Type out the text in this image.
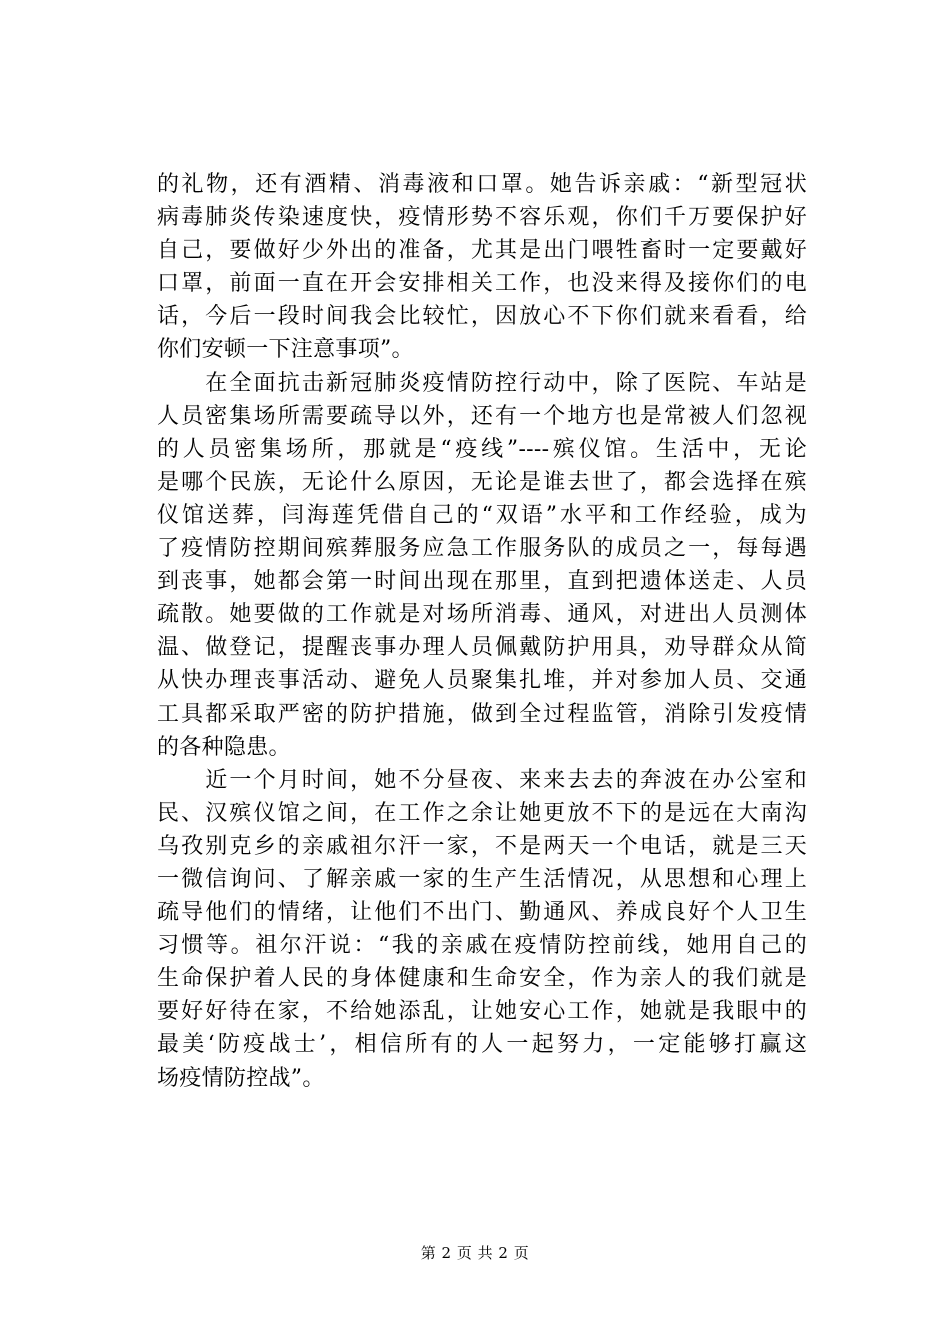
的礼物，还有酒精、消毒液和口罩。她告诉亲戚：“新型冠状
病毒肺炎传染速度快，疫情形势不容乐观，你们千万要保护好
自己，要做好少外出的准备，尤其是出门喂牲畜时一定要戴好
口罩，前面一直在开会安排相关工作，也没来得及接你们的电
话，今后一段时间我会比较忙，因放心不下你们就来看看，给
你们安顿一下注意事项”。
　　在全面抗击新冠肺炎疫情防控行动中，除了医院、车站是
人员密集场所需要疏导以外，还有一个地方也是常被人们忽视
的人员密集场所，那就是“疫线”----殡仪馆。生活中，无论
是哪个民族，无论什么原因，无论是谁去世了，都会选择在殡
仪馆送葬，闫海莲凭借自己的“双语”水平和工作经验，成为
了疫情防控期间殡葬服务应急工作服务队的成员之一，每每遇
到丧事，她都会第一时间出现在那里，直到把遗体送走、人员
疏散。她要做的工作就是对场所消毒、通风，对进出人员测体
温、做登记，提醒丧事办理人员佩戴防护用具，劝导群众从简
从快办理丧事活动、避免人员聚集扎堆，并对参加人员、交通
工具都采取严密的防护措施，做到全过程监管，消除引发疫情
的各种隐患。
　　近一个月时间，她不分昼夜、来来去去的奔波在办公室和
民、汉殡仪馆之间，在工作之余让她更放不下的是远在大南沟
乌孜别克乡的亲戚祖尔汗一家，不是两天一个电话，就是三天
一微信询问、了解亲戚一家的生产生活情况，从思想和心理上
疏导他们的情绪，让他们不出门、勤通风、养成良好个人卫生
习惯等。祖尔汗说：“我的亲戚在疫情防控前线，她用自己的
生命保护着人民的身体健康和生命安全，作为亲人的我们就是
要好好待在家，不给她添乱，让她安心工作，她就是我眼中的
最美‘防疫战士’，相信所有的人一起努力，一定能够打赢这
场疫情防控战”。
第 2 页 共 2 页
